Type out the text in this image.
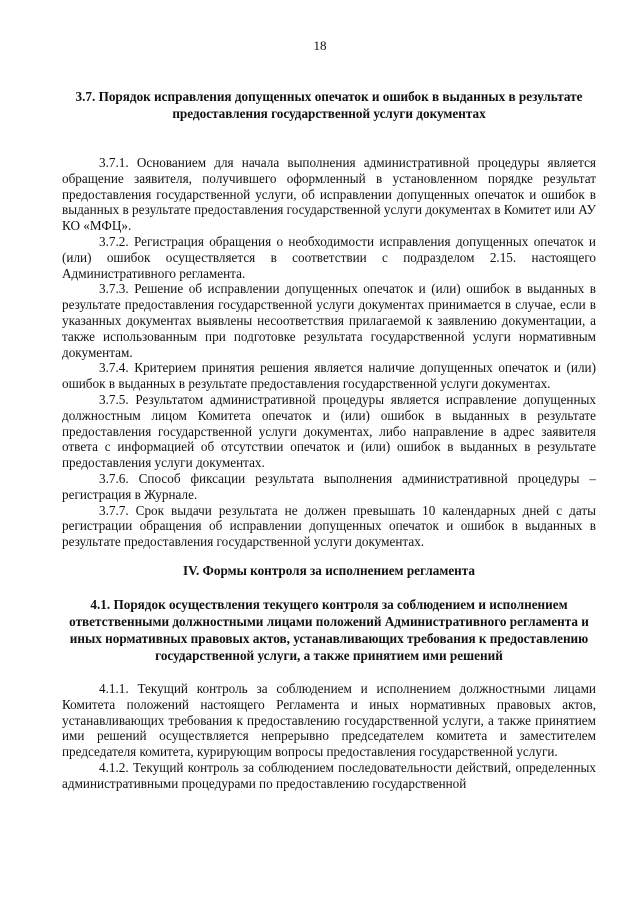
18

3.7. Порядок исправления допущенных опечаток и ошибок в выданных в результате предоставления государственной услуги документах

3.7.1. Основанием для начала выполнения административной процедуры является обращение заявителя, получившего оформленный в установленном порядке результат предоставления государственной услуги, об исправлении допущенных опечаток и ошибок в выданных в результате предоставления государственной услуги документах в Комитет или АУ КО «МФЦ».

3.7.2. Регистрация обращения о необходимости исправления допущенных опечаток и (или) ошибок осуществляется в соответствии с подразделом 2.15. настоящего Административного регламента.

3.7.3. Решение об исправлении допущенных опечаток и (или) ошибок в выданных в результате предоставления государственной услуги документах принимается в случае, если в указанных документах выявлены несоответствия прилагаемой к заявлению документации, а также использованным при подготовке результата государственной услуги нормативным документам.

3.7.4. Критерием принятия решения является наличие допущенных опечаток и (или) ошибок в выданных в результате предоставления государственной услуги документах.

3.7.5. Результатом административной процедуры является исправление допущенных должностным лицом Комитета опечаток и (или) ошибок в выданных в результате предоставления государственной услуги документах, либо направление в адрес заявителя ответа с информацией об отсутствии опечаток и (или) ошибок в выданных в результате предоставления услуги документах.

3.7.6. Способ фиксации результата выполнения административной процедуры – регистрация в Журнале.

3.7.7. Срок выдачи результата не должен превышать 10 календарных дней с даты регистрации обращения об исправлении допущенных опечаток и ошибок в выданных в результате предоставления государственной услуги документах.

IV. Формы контроля за исполнением регламента

4.1. Порядок осуществления текущего контроля за соблюдением и исполнением ответственными должностными лицами положений Административного регламента и иных нормативных правовых актов, устанавливающих требования к предоставлению государственной услуги, а также принятием ими решений

4.1.1. Текущий контроль за соблюдением и исполнением должностными лицами Комитета положений настоящего Регламента и иных нормативных правовых актов, устанавливающих требования к предоставлению государственной услуги, а также принятием ими решений осуществляется непрерывно председателем комитета и заместителем председателя комитета, курирующим вопросы предоставления государственной услуги.

4.1.2. Текущий контроль за соблюдением последовательности действий, определенных административными процедурами по предоставлению государственной
